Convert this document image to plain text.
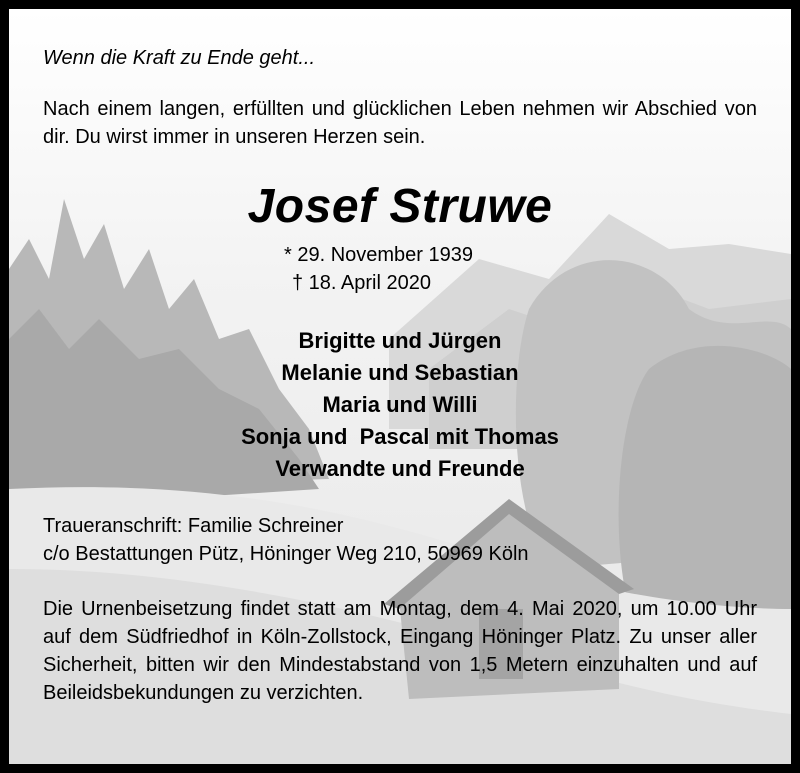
Wenn die Kraft zu Ende geht...
Nach einem langen, erfüllten und glücklichen Leben nehmen wir Abschied von dir. Du wirst immer in unseren Herzen sein.
Josef Struwe
* 29. November 1939
† 18. April 2020
Brigitte und Jürgen
Melanie und Sebastian
Maria und Willi
Sonja und  Pascal mit Thomas
Verwandte und Freunde
Traueranschrift: Familie Schreiner
c/o Bestattungen Pütz, Höninger Weg 210, 50969 Köln
Die Urnenbeisetzung findet statt am Montag, dem 4. Mai 2020, um 10.00 Uhr auf dem Südfriedhof in Köln-Zollstock, Eingang Höninger Platz. Zu unser aller Sicherheit, bitten wir den Mindestabstand von 1,5 Metern einzuhalten und auf Beileidsbekundungen zu verzichten.
